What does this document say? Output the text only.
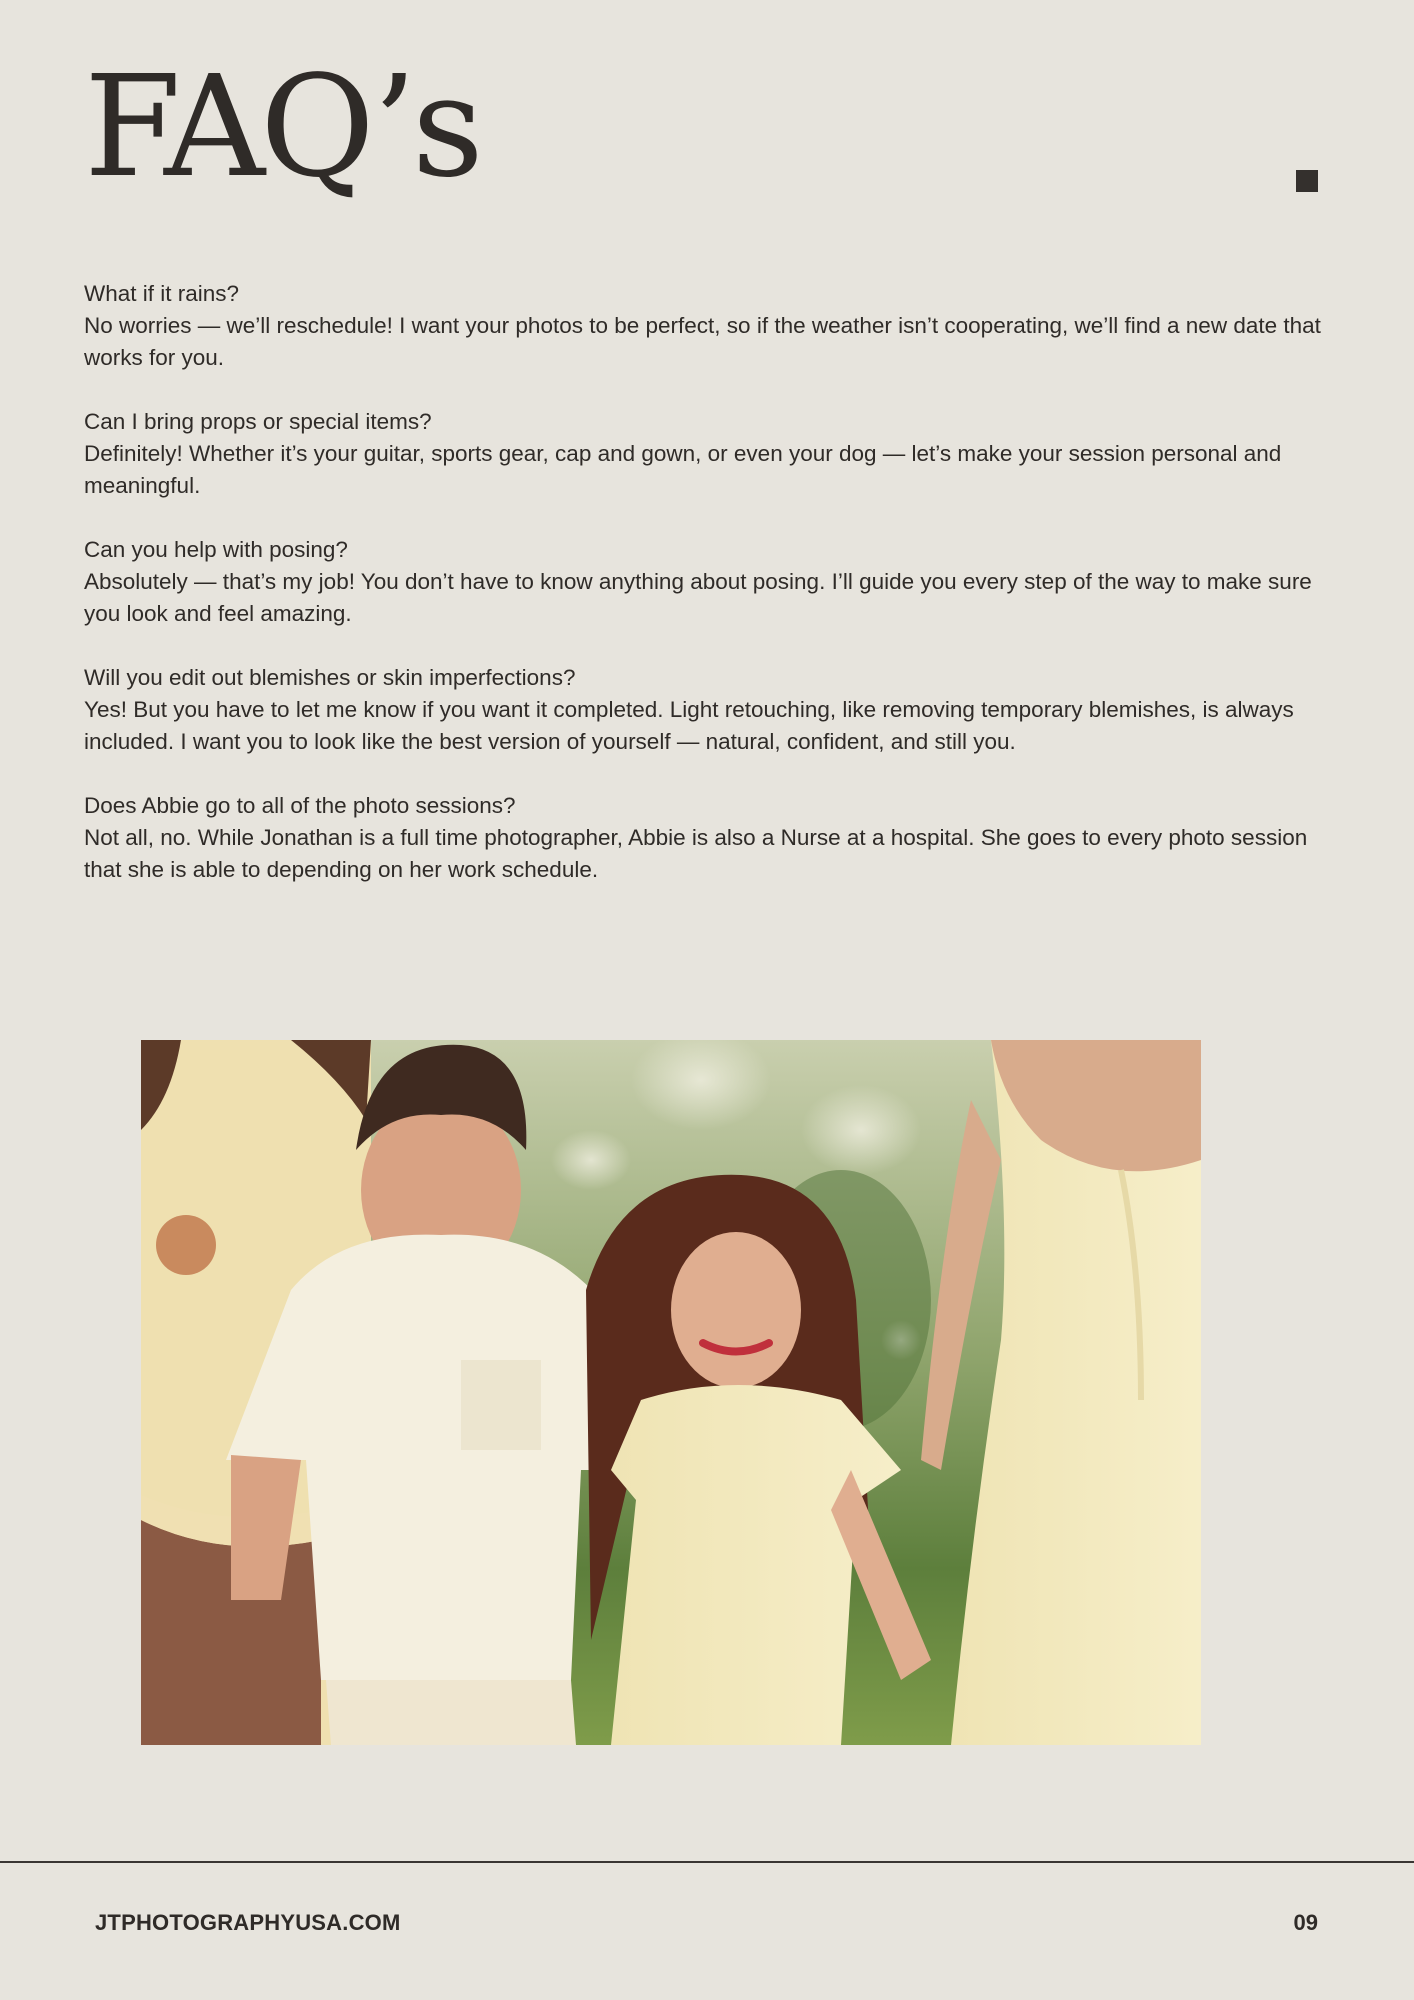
FAQ’s

What if it rains?

No worries — we’ll reschedule! I want your photos to be perfect, so if the weather isn’t cooperating, we’ll find a new date that works for you.

Can I bring props or special items?

Definitely! Whether it’s your guitar, sports gear, cap and gown, or even your dog — let’s make your session personal and meaningful.

Can you help with posing?

Absolutely — that’s my job! You don’t have to know anything about posing. I’ll guide you every step of the way to make sure you look and feel amazing.

Will you edit out blemishes or skin imperfections?

Yes! But you have to let me know if you want it completed. Light retouching, like removing temporary blemishes, is always included. I want you to look like the best version of yourself — natural, confident, and still you.

Does Abbie go to all of the photo sessions?

Not all, no. While Jonathan is a full time photographer, Abbie is also a Nurse at a hospital. She goes to every photo session that she is able to depending on her work schedule.

JTPHOTOGRAPHYUSA.COM	09
